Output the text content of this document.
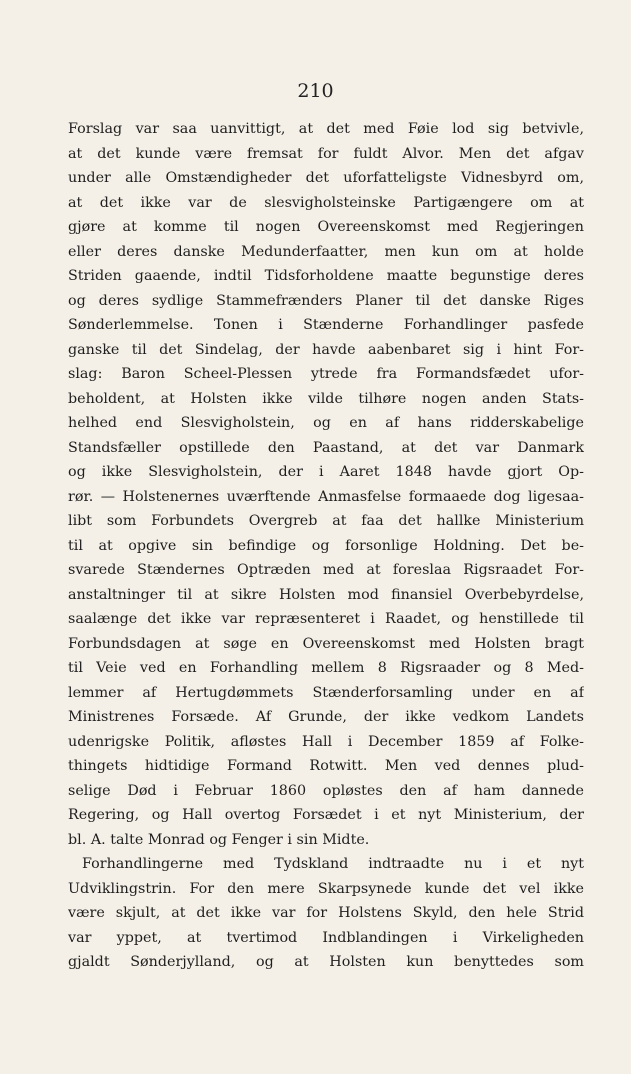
210
Forslag var saa uanvittigt, at det med Føie lod sig betvivle,
at det kunde være fremsat for fuldt Alvor. Men det afgav
under alle Omstændigheder det uforfatteligste Vidnesbyrd om,
at det ikke var de slesvigholsteinske Partigængere om at
gjøre at komme til nogen Overeenskomst med Regjeringen
eller deres danske Medunderfaatter, men kun om at holde
Striden gaaende, indtil Tidsforholdene maatte begunstige deres
og deres sydlige Stammefrænders Planer til det danske Riges
Sønderlemmelse. Tonen i Stænderne Forhandlinger pasfede
ganske til det Sindelag, der havde aabenbaret sig i hint For-
slag: Baron Scheel-Plessen ytrede fra Formandsfædet ufor-
beholdent, at Holsten ikke vilde tilhøre nogen anden Stats-
helhed end Slesvigholstein, og en af hans ridderskabelige
Standsfæller opstillede den Paastand, at det var Danmark
og ikke Slesvigholstein, der i Aaret 1848 havde gjort Op-
rør. — Holstenernes uværftende Anmasfelse formaaede dog ligesaa-
libt som Forbundets Overgreb at faa det hallke Ministerium
til at opgive sin befindige og forsonlige Holdning. Det be-
svarede Stændernes Optræden med at foreslaa Rigsraadet For-
anstaltninger til at sikre Holsten mod finansiel Overbebyrdelse,
saalænge det ikke var repræsenteret i Raadet, og henstillede til
Forbundsdagen at søge en Overeenskomst med Holsten bragt
til Veie ved en Forhandling mellem 8 Rigsraader og 8 Med-
lemmer af Hertugdømmets Stænderforsamling under en af
Ministrenes Forsæde. Af Grunde, der ikke vedkom Landets
udenrigske Politik, afløstes Hall i December 1859 af Folke-
thingets hidtidige Formand Rotwitt. Men ved dennes plud-
selige Død i Februar 1860 opløstes den af ham dannede
Regering, og Hall overtog Forsædet i et nyt Ministerium, der
bl. A. talte Monrad og Fenger i sin Midte.
Forhandlingerne med Tydskland indtraadte nu i et nyt
Udviklingstrin. For den mere Skarpsynede kunde det vel ikke
være skjult, at det ikke var for Holstens Skyld, den hele Strid
var yppet, at tvertimod Indblandingen i Virkeligheden
gjaldt Sønderjylland, og at Holsten kun benyttedes som
